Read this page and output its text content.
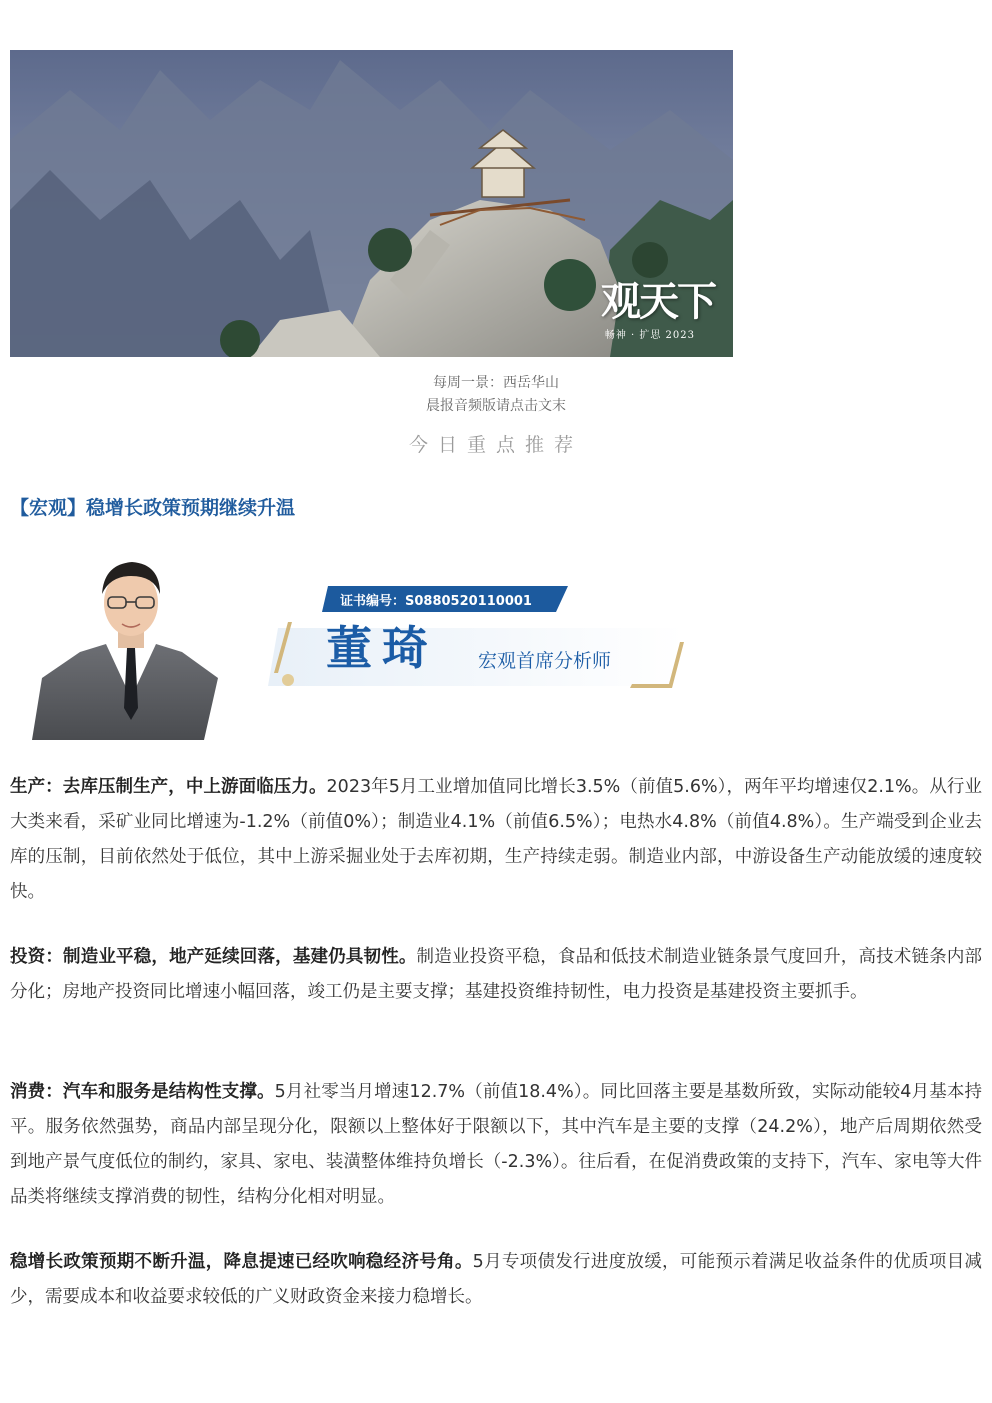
观天下
畅神 · 扩思 2023
每周一景：西岳华山
晨报音频版请点击文末
今日重点推荐
【宏观】稳增长政策预期继续升温
证书编号：S0880520110001
董琦 宏观首席分析师

生产：去库压制生产，中上游面临压力。2023年5月工业增加值同比增长3.5%（前值5.6%），两年平均增速仅2.1%。从行业大类来看，采矿业同比增速为-1.2%（前值0%）；制造业4.1%（前值6.5%）；电热水4.8%（前值4.8%）。生产端受到企业去库的压制，目前依然处于低位，其中上游采掘业处于去库初期，生产持续走弱。制造业内部，中游设备生产动能放缓的速度较快。

投资：制造业平稳，地产延续回落，基建仍具韧性。制造业投资平稳，食品和低技术制造业链条景气度回升，高技术链条内部分化；房地产投资同比增速小幅回落，竣工仍是主要支撑；基建投资维持韧性，电力投资是基建投资主要抓手。

消费：汽车和服务是结构性支撑。5月社零当月增速12.7%（前值18.4%）。同比回落主要是基数所致，实际动能较4月基本持平。服务依然强势，商品内部呈现分化，限额以上整体好于限额以下，其中汽车是主要的支撑（24.2%），地产后周期依然受到地产景气度低位的制约，家具、家电、装潢整体维持负增长（-2.3%）。往后看，在促消费政策的支持下，汽车、家电等大件品类将继续支撑消费的韧性，结构分化相对明显。

稳增长政策预期不断升温，降息提速已经吹响稳经济号角。5月专项债发行进度放缓，可能预示着满足收益条件的优质项目减少，需要成本和收益要求较低的广义财政资金来接力稳增长。
